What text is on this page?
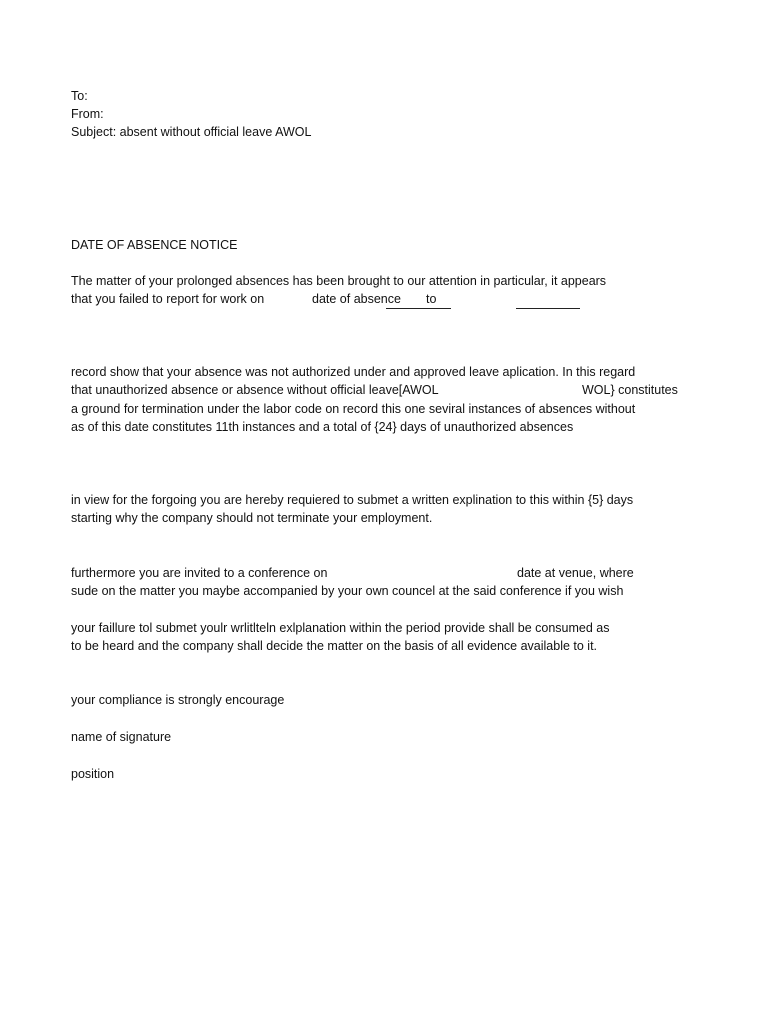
To:
From:
Subject: absent without official leave AWOL
DATE OF ABSENCE NOTICE
The matter of your prolonged absences has been brought to our attention in particular, it appears
that you failed to report for work on	date of absence to
record show that your absence was not authorized under and approved leave aplication. In this regard
that unauthorized absence or absence without official leave[AWOL	WOL} constitutes
a ground for termination under the labor code on record this one seviral instances of absences without
as of this date constitutes 11th instances and a total of {24} days of unauthorized absences
in view for the forgoing you are hereby requiered to submet a written explination to this within {5} days
starting why the company should not terminate your employment.
furthermore you are invited to a conference on	date at venue, where
sude on the matter you maybe accompanied by your own councel at the said conference if you wish
your faillure tol submet youlr wrlitlteln exlplanation within the period provide shall be consumed as
to be heard and the company shall decide the matter on the basis of all evidence available to it.
your compliance is strongly encourage
name of signature
position
